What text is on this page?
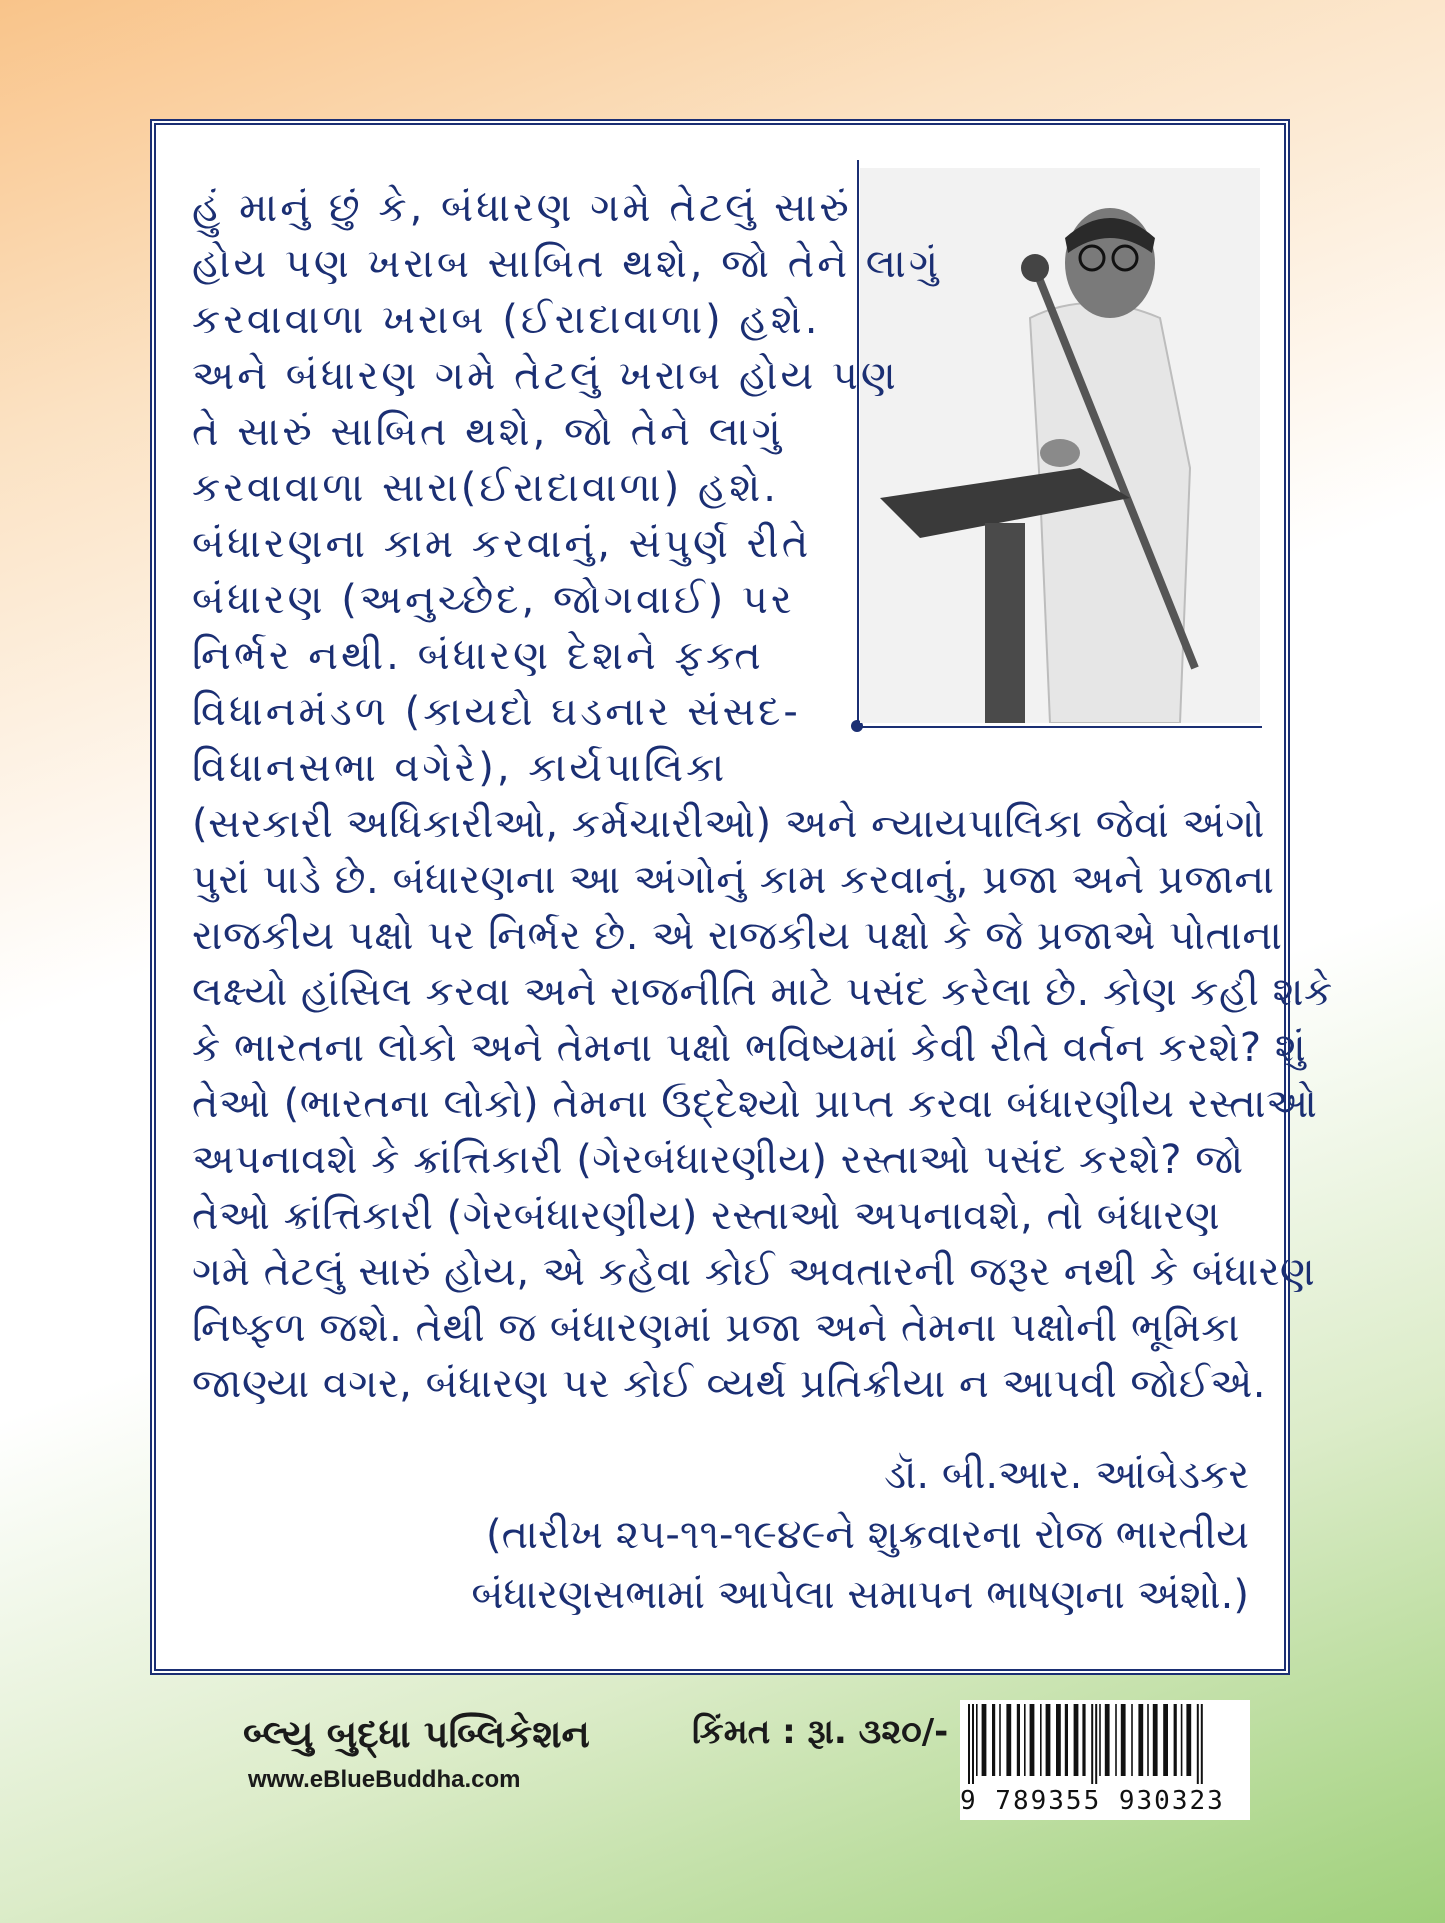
હું માનું છું કે, બંધારણ ગમે તેટલું સારું
હોય પણ ખરાબ સાબિત થશે, જો તેને લાગું
કરવાવાળા ખરાબ (ઈરાદાવાળા) હશે.
અને બંધારણ ગમે તેટલું ખરાબ હોય પણ
તે સારું સાબિત થશે, જો તેને લાગું
કરવાવાળા સારા(ઈરાદાવાળા) હશે.
બંધારણના કામ કરવાનું, સંપુર્ણ રીતે
બંધારણ (અનુચ્છેદ, જોગવાઈ) પર
નિર્ભર નથી. બંધારણ દેશને ફક્ત
વિધાનમંડળ (કાયદો ઘડનાર સંસદ-
વિધાનસભા વગેરે), કાર્યપાલિકા
(સરકારી અધિકારીઓ, કર્મચારીઓ) અને ન્યાયપાલિકા જેવાં અંગો
પુરાં પાડે છે. બંધારણના આ અંગોનું કામ કરવાનું, પ્રજા અને પ્રજાના
રાજકીય પક્ષો પર નિર્ભર છે. એ રાજકીય પક્ષો કે જે પ્રજાએ પોતાના
લક્ષ્યો હાંસિલ કરવા અને રાજનીતિ માટે પસંદ કરેલા છે. કોણ કહી શકે
કે ભારતના લોકો અને તેમના પક્ષો ભવિષ્યમાં કેવી રીતે વર્તન કરશે? શું
તેઓ (ભારતના લોકો) તેમના ઉદ્દેશ્યો પ્રાપ્ત કરવા બંધારણીય રસ્તાઓ
અપનાવશે કે ક્રાંત્તિકારી (ગેરબંધારણીય) રસ્તાઓ પસંદ કરશે? જો
તેઓ ક્રાંત્તિકારી (ગેરબંધારણીય) રસ્તાઓ અપનાવશે, તો બંધારણ
ગમે તેટલું સારું હોય, એ કહેવા કોઈ અવતારની જરૂર નથી કે બંધારણ
નિષ્ફળ જશે. તેથી જ બંધારણમાં પ્રજા અને તેમના પક્ષોની ભૂમિકા
જાણ્યા વગર, બંધારણ પર કોઈ વ્યર્થ પ્રતિક્રીયા ન આપવી જોઈએ.
ડૉ. બી.આર. આંબેડકર
(તારીખ ૨૫-૧૧-૧૯૪૯ને શુક્રવારના રોજ ભારતીય
બંધારણસભામાં આપેલા સમાપન ભાષણના અંશો.)
બ્લ્યુ બુદ્ધા પબ્લિકેશન
www.eBlueBuddha.com
કિંમત : રૂા. ૩૨૦/-
9 789355 930323
